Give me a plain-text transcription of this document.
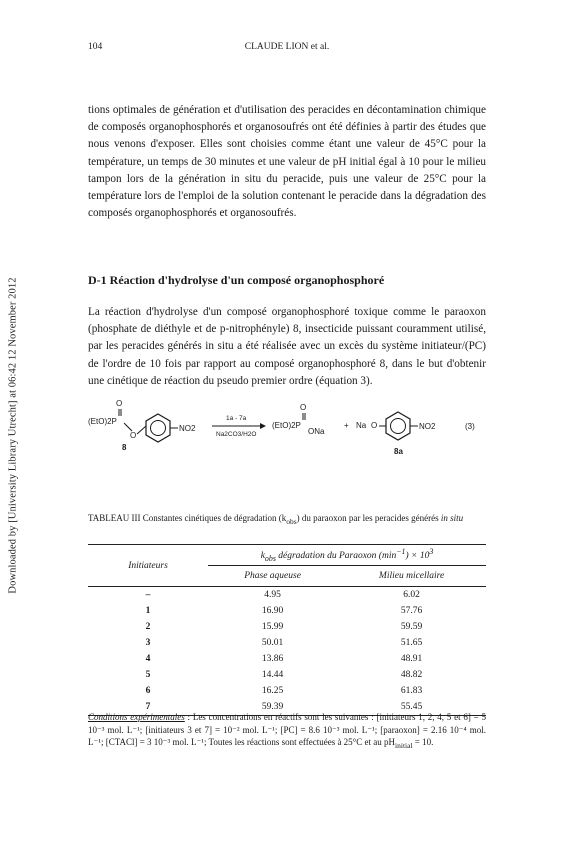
Downloaded by [University Library Utrecht] at 06:42 12 November 2012
104	CLAUDE LION et al.

tions optimales de génération et d'utilisation des peracides en décontamination chimique de composés organophosphorés et organosoufrés ont été définies à partir des études que nous venons d'exposer. Elles sont choisies comme étant une valeur de 45°C pour la température, un temps de 30 minutes et une valeur de pH initial égal à 10 pour le milieu tampon lors de la génération in situ du peracide, puis une valeur de 25°C pour la température lors de l'emploi de la solution contenant le peracide dans la dégradation des composés organophosphorés et organosoufrés.

D-1 Réaction d'hydrolyse d'un composé organophosphoré

La réaction d'hydrolyse d'un composé organophosphoré toxique comme le paraoxon (phosphate de diéthyle et de p-nitrophényle) 8, insecticide puissant couramment utilisé, par les peracides générés in situ a été réalisée avec un excès du système initiateur/(PC) de l'ordre de 10 fois par rapport au composé organophosphoré 8, dans le but d'obtenir une cinétique de réaction du pseudo premier ordre (équation 3).

(EtO)2P
O
O
NO2
8
1a - 7a
Na2CO3/H2O
(EtO)2P
O
ONa
+ Na O	NO2
8a
(3)

TABLEAU III Constantes cinétiques de dégradation $(k_{obs})$ du paraoxon par les peracides générés in situ

Initiateurs	$k_{obs}$ dégradation du Paraoxon $(\min^{-1}) \times 10^3$
	Phase aqueuse	Milieu micellaire
–	4.95	6.02
1	16.90	57.76
2	15.99	59.59
3	50.01	51.65
4	13.86	48.91
5	14.44	48.82
6	16.25	61.83
7	59.39	55.45

Conditions expérimentales : Les concentrations en réactifs sont les suivantes : [initiateurs 1, 2, 4, 5 et 6] = 5 10⁻³ mol. L⁻¹; [initiateurs 3 et 7] = 10⁻² mol. L⁻¹; [PC] = 8.6 10⁻³ mol. L⁻¹; [paraoxon] = 2.16 10⁻⁴ mol. L⁻¹; [CTACl] = 3 10⁻³ mol. L⁻¹; Toutes les réactions sont effectuées à 25°C et au $pH_{initial} = 10$.
